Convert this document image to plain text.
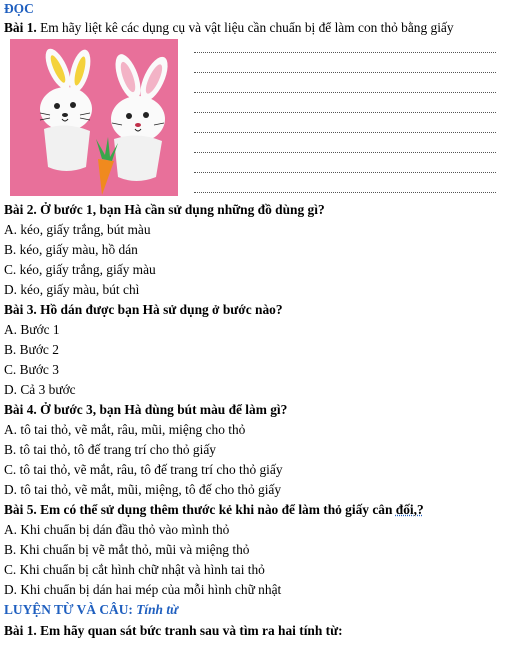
ĐỌC
Bài 1. Em hãy liệt kê các dụng cụ và vật liệu cần chuẩn bị để làm con thỏ bằng giấy
Bài 2. Ở bước 1, bạn Hà cần sử dụng những đồ dùng gì?
A. kéo, giấy trắng, bút màu
B. kéo, giấy màu, hồ dán
C. kéo, giấy trắng, giấy màu
D. kéo, giấy màu, bút chì
Bài 3. Hồ dán được bạn Hà sử dụng ở bước nào?
A. Bước 1
B. Bước 2
C. Bước 3
D. Cả 3 bước
Bài 4. Ở bước 3, bạn Hà dùng bút màu để làm gì?
A. tô tai thỏ, vẽ mắt, râu, mũi, miệng cho thỏ
B. tô tai thỏ, tô đế trang trí cho thỏ giấy
C. tô tai thỏ, vẽ mắt, râu, tô đế trang trí cho thỏ giấy
D. tô tai thỏ, vẽ mắt, mũi, miệng, tô đế cho thỏ giấy
Bài 5. Em có thể sử dụng thêm thước kẻ khi nào để làm thỏ giấy cân đối,?
A. Khi chuẩn bị dán đầu thỏ vào mình thỏ
B. Khi chuẩn bị vẽ mắt thỏ, mũi và miệng thỏ
C. Khi chuẩn bị cắt hình chữ nhật và hình tai thỏ
D. Khi chuẩn bị dán hai mép của mỗi hình chữ nhật
LUYỆN TỪ VÀ CÂU: Tính từ
Bài 1. Em hãy quan sát bức tranh sau và tìm ra hai tính từ:
